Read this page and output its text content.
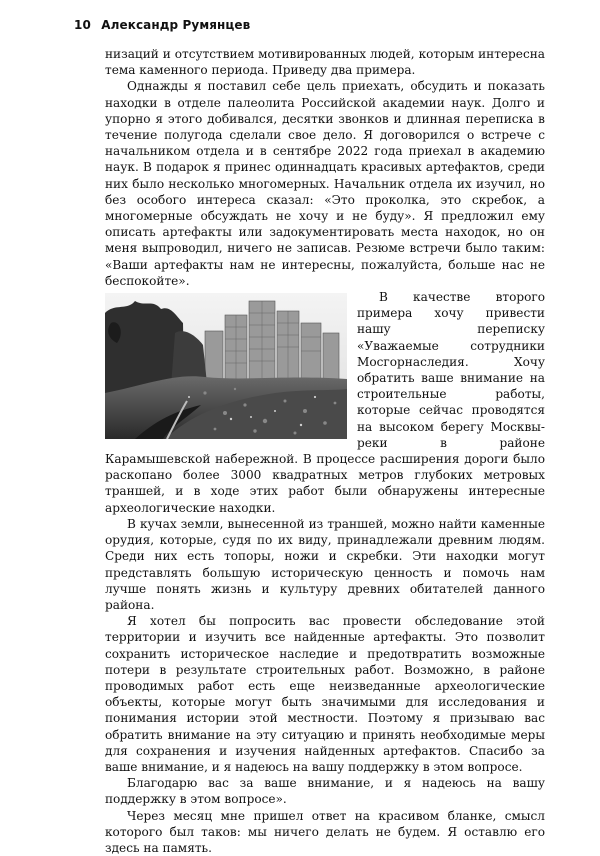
10 Александр Румянцев

низаций и отсутствием мотивированных людей, которым интересна тема каменного периода. Приведу два примера.

Однажды я поставил себе цель приехать, обсудить и показать находки в отделе палеолита Российской академии наук. Долго и упорно я этого добивался, десятки звонков и длинная переписка в течение полугода сделали свое дело. Я договорился о встрече с начальником отдела и в сентябре 2022 года приехал в академию наук. В подарок я принес одиннадцать красивых артефактов, среди них было несколько многомерных. Начальник отдела их изучил, но без особого интереса сказал: «Это проколка, это скребок, а многомерные обсуждать не хочу и не буду». Я предложил ему описать артефакты или задокументировать места находок, но он меня выпроводил, ничего не записав. Резюме встречи было таким: «Ваши артефакты нам не интересны, пожалуйста, больше нас не беспокойте».

В качестве второго примера хочу привести нашу переписку «Уважаемые сотрудники Мосгорнаследия. Хочу обратить ваше внимание на строительные работы, которые сейчас проводятся на высоком берегу Москвы-реки в районе Карамышевской набережной. В процессе расширения дороги было раскопано более 3000 квадратных метров глубоких метровых траншей, и в ходе этих работ были обнаружены интересные археологические находки.

В кучах земли, вынесенной из траншей, можно найти каменные орудия, которые, судя по их виду, принадлежали древним людям. Среди них есть топоры, ножи и скребки. Эти находки могут представлять большую историческую ценность и помочь нам лучше понять жизнь и культуру древних обитателей данного района.

Я хотел бы попросить вас провести обследование этой территории и изучить все найденные артефакты. Это позволит сохранить историческое наследие и предотвратить возможные потери в результате строительных работ. Возможно, в районе проводимых работ есть еще неизведанные археологические объекты, которые могут быть значимыми для исследования и понимания истории этой местности. Поэтому я призываю вас обратить внимание на эту ситуацию и принять необходимые меры для сохранения и изучения найденных артефактов. Спасибо за ваше внимание, и я надеюсь на вашу поддержку в этом вопросе.

Благодарю вас за ваше внимание, и я надеюсь на вашу поддержку в этом вопросе».

Через месяц мне пришел ответ на красивом бланке, смысл которого был таков: мы ничего делать не будем. Я оставлю его здесь на память.
